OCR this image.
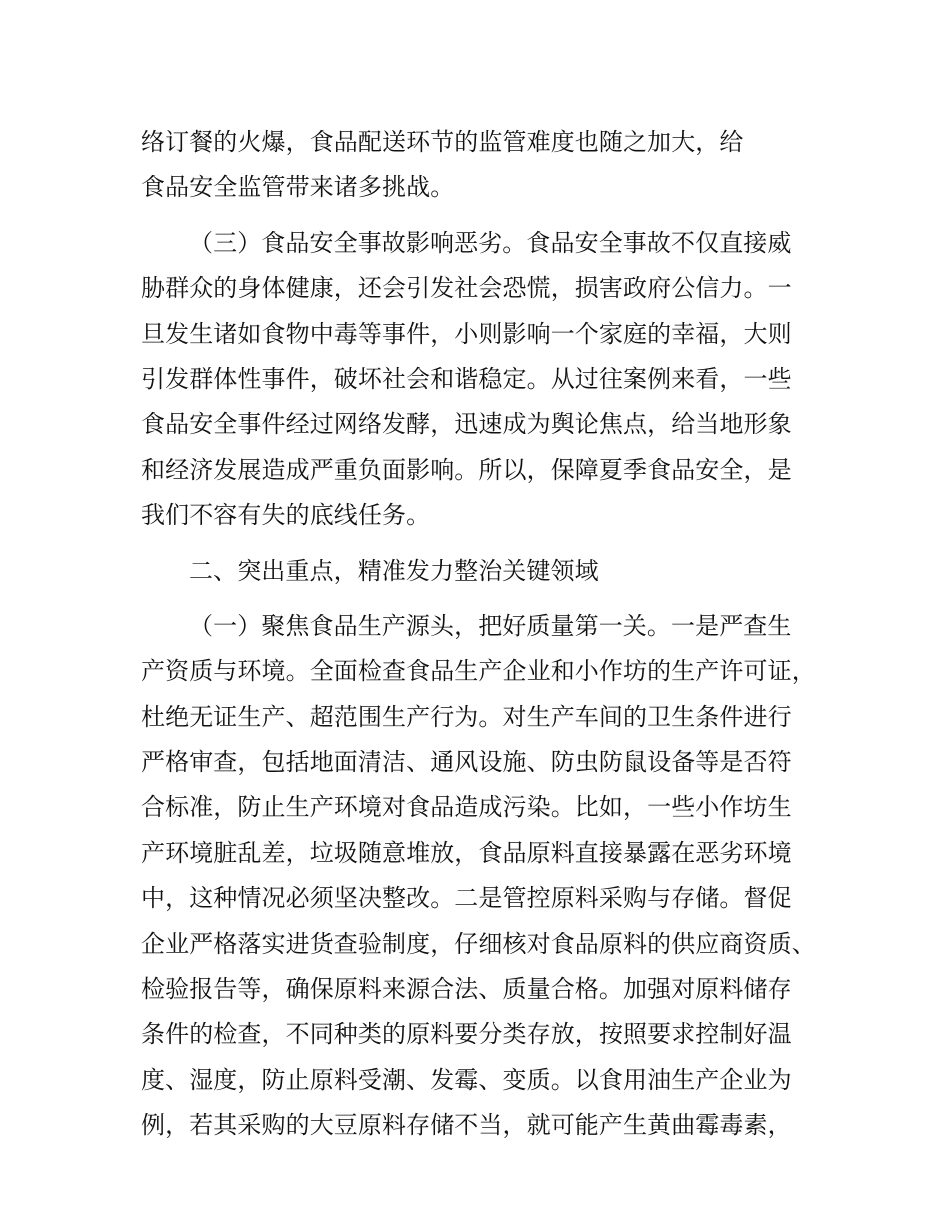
络订餐的火爆，食品配送环节的监管难度也随之加大，给
食品安全监管带来诸多挑战。
（三）食品安全事故影响恶劣。食品安全事故不仅直接威
胁群众的身体健康，还会引发社会恐慌，损害政府公信力。一
旦发生诸如食物中毒等事件，小则影响一个家庭的幸福，大则
引发群体性事件，破坏社会和谐稳定。从过往案例来看，一些
食品安全事件经过网络发酵，迅速成为舆论焦点，给当地形象
和经济发展造成严重负面影响。所以，保障夏季食品安全，是
我们不容有失的底线任务。
二、突出重点，精准发力整治关键领域
（一）聚焦食品生产源头，把好质量第一关。一是严查生
产资质与环境。全面检查食品生产企业和小作坊的生产许可证，
杜绝无证生产、超范围生产行为。对生产车间的卫生条件进行
严格审查，包括地面清洁、通风设施、防虫防鼠设备等是否符
合标准，防止生产环境对食品造成污染。比如，一些小作坊生
产环境脏乱差，垃圾随意堆放，食品原料直接暴露在恶劣环境
中，这种情况必须坚决整改。二是管控原料采购与存储。督促
企业严格落实进货查验制度，仔细核对食品原料的供应商资质、
检验报告等，确保原料来源合法、质量合格。加强对原料储存
条件的检查，不同种类的原料要分类存放，按照要求控制好温
度、湿度，防止原料受潮、发霉、变质。以食用油生产企业为
例，若其采购的大豆原料存储不当，就可能产生黄曲霉毒素，
